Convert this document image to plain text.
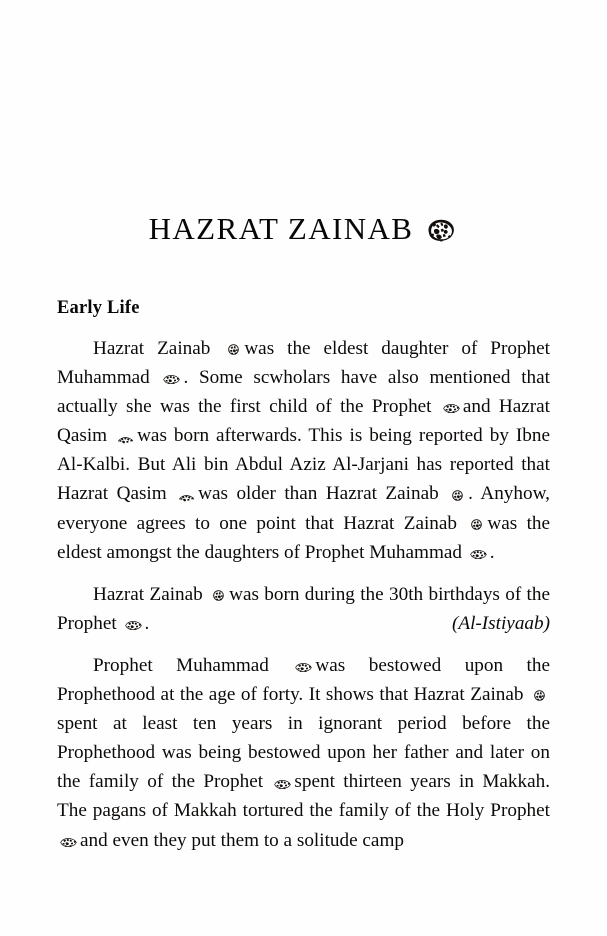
HAZRAT ZAINAB
Early Life

Hazrat Zainab
was the eldest daughter of Prophet Muhammad
. Some scwholars have also mentioned that actually she was the first child of the Prophet
and Hazrat Qasim
was born afterwards. This is being reported by Ibne Al-Kalbi. But Ali bin Abdul Aziz Al-Jarjani has reported that Hazrat Qasim
was older than Hazrat Zainab
. Anyhow, everyone agrees to one point that Hazrat Zainab
was the eldest amongst the daughters of Prophet Muhammad
.

Hazrat Zainab
was born during the 30th birthdays of the Prophet
.	(Al-Istiyaab)

Prophet Muhammad
was bestowed upon the Prophethood at the age of forty. It shows that Hazrat Zainab
spent at least ten years in ignorant period before the Prophethood was being bestowed upon her father and later on the family of the Prophet
spent thirteen years in Makkah. The pagans of Makkah tortured the family of the Holy Prophet
and even they put them to a solitude camp
